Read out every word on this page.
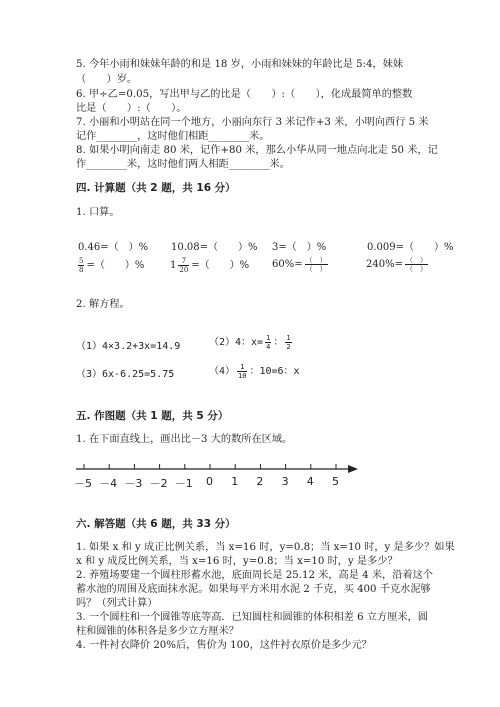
5. 今年小雨和妹妹年龄的和是 18 岁，小雨和妹妹的年龄比是 5:4，妹妹
（　　）岁。
6. 甲÷乙=0.05，写出甲与乙的比是（　　）:（　　），化成最简单的整数
比是（　　）:（　　）。
7. 小丽和小明站在同一个地方，小丽向东行 3 米记作+3 米，小明向西行 5 米
记作________，这时他们相距________米。
8. 如果小明向南走 80 米，记作+80 米，那么小华从同一地点向北走 50 米，记
作________米，这时他们两人相距________米。
四. 计算题（共 2 题，共 16 分）
1. 口算。
0.46=（　）% 10.08=（　　）% 3=（　）%	0.009=（　　）%
$\frac{5}{8}$ =（　　）%	$1 \frac{7}{20}$ =（　　）% $60\%= \frac{( )}{( )}$	$240\%= \frac{( )}{( )}$
2. 解方程。
（1）4×3.2+3x=14.9	（2）4：$x= \frac{1}{4}$ ： $\frac{1}{2}$
（3）6x-6.25=5.75	$(4) \frac{1}{10}$ ：10=6：x
五. 作图题（共 1 题，共 5 分）
1. 在下面直线上，画出比－3 大的数所在区域。
－5 －4 －3 －2 －1 0 1 2 3 4 5
六. 解答题（共 6 题，共 33 分）
1. 如果 x 和 y 成正比例关系，当 x=16 时，y=0.8；当 x=10 时，y 是多少？如果
x 和 y 成反比例关系，当 x=16 时，y=0.8；当 x=10 时，y 是多少？
2. 养殖场要建一个圆柱形蓄水池，底面周长是 25.12 米，高是 4 米，沿着这个
蓄水池的周围及底面抹水泥。如果每平方米用水泥 2 千克，买 400 千克水泥够
吗？（列式计算）
3. 一个圆柱和一个圆锥等底等高．已知圆柱和圆锥的体积相差 6 立方厘米，圆
柱和圆锥的体积各是多少立方厘米？
4. 一件衬衣降价 20%后，售价为 100，这件衬衣原价是多少元？
